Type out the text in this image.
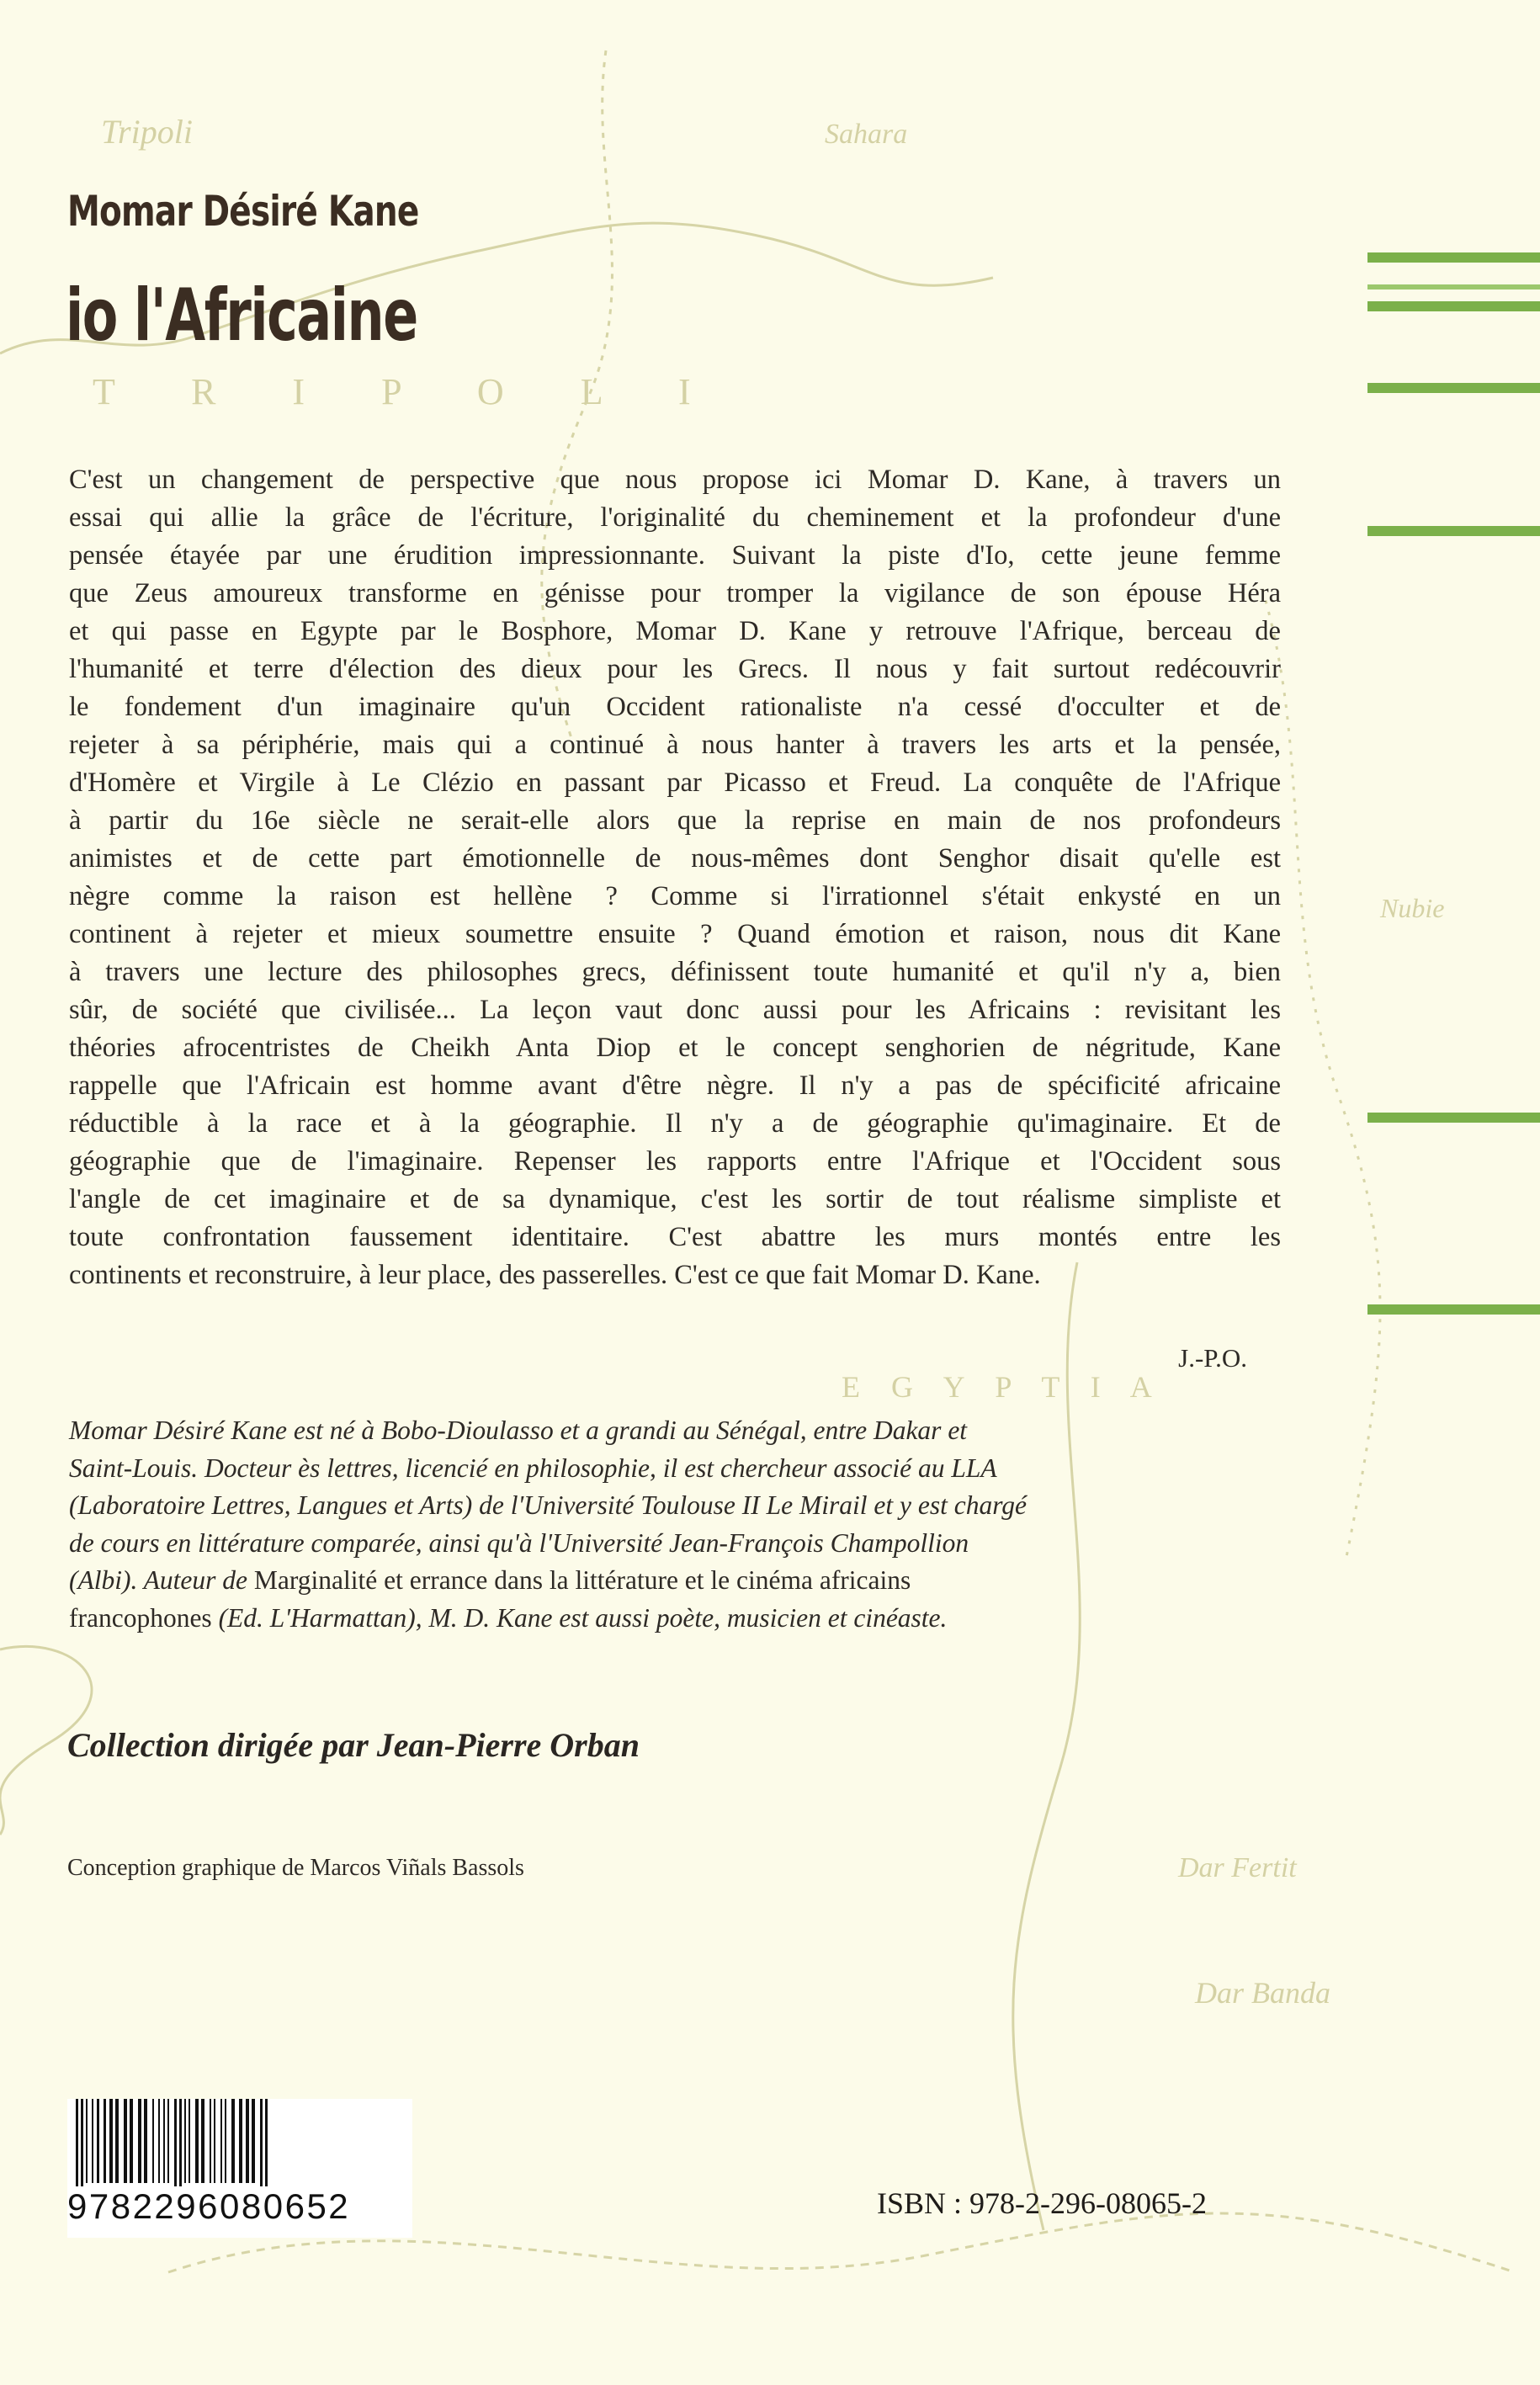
Tripoli
T R I P O L I
Sahara
Nubie
Dar Fertit
Dar Banda
E G Y P T I A
Momar Désiré Kane
io l'Africaine
C'est un changement de perspective que nous propose ici Momar D. Kane, à travers un
essai qui allie la grâce de l'écriture, l'originalité du cheminement et la profondeur d'une
pensée étayée par une érudition impressionnante. Suivant la piste d'Io, cette jeune femme
que Zeus amoureux transforme en génisse pour tromper la vigilance de son épouse Héra
et qui passe en Egypte par le Bosphore, Momar D. Kane y retrouve l'Afrique, berceau de
l'humanité et terre d'élection des dieux pour les Grecs. Il nous y fait surtout redécouvrir
le fondement d'un imaginaire qu'un Occident rationaliste n'a cessé d'occulter et de
rejeter à sa périphérie, mais qui a continué à nous hanter à travers les arts et la pensée,
d'Homère et Virgile à Le Clézio en passant par Picasso et Freud. La conquête de l'Afrique
à partir du 16e siècle ne serait-elle alors que la reprise en main de nos profondeurs
animistes et de cette part émotionnelle de nous-mêmes dont Senghor disait qu'elle est
nègre comme la raison est hellène ? Comme si l'irrationnel s'était enkysté en un
continent à rejeter et mieux soumettre ensuite ? Quand émotion et raison, nous dit Kane
à travers une lecture des philosophes grecs, définissent toute humanité et qu'il n'y a, bien
sûr, de société que civilisée... La leçon vaut donc aussi pour les Africains : revisitant les
théories afrocentristes de Cheikh Anta Diop et le concept senghorien de négritude, Kane
rappelle que l'Africain est homme avant d'être nègre. Il n'y a pas de spécificité africaine
réductible à la race et à la géographie. Il n'y a de géographie qu'imaginaire. Et de
géographie que de l'imaginaire. Repenser les rapports entre l'Afrique et l'Occident sous
l'angle de cet imaginaire et de sa dynamique, c'est les sortir de tout réalisme simpliste et
toute confrontation faussement identitaire. C'est abattre les murs montés entre les
continents et reconstruire, à leur place, des passerelles. C'est ce que fait Momar D. Kane.
J.-P.O.
Momar Désiré Kane est né à Bobo-Dioulasso et a grandi au Sénégal, entre Dakar et
Saint-Louis. Docteur ès lettres, licencié en philosophie, il est chercheur associé au LLA
(Laboratoire Lettres, Langues et Arts) de l'Université Toulouse II Le Mirail et y est chargé
de cours en littérature comparée, ainsi qu'à l'Université Jean-François Champollion
(Albi). Auteur de Marginalité et errance dans la littérature et le cinéma africains
francophones (Ed. L'Harmattan), M. D. Kane est aussi poète, musicien et cinéaste.
Collection dirigée par Jean-Pierre Orban
Conception graphique de Marcos Viñals Bassols
9782296080652	ISBN : 978-2-296-08065-2
